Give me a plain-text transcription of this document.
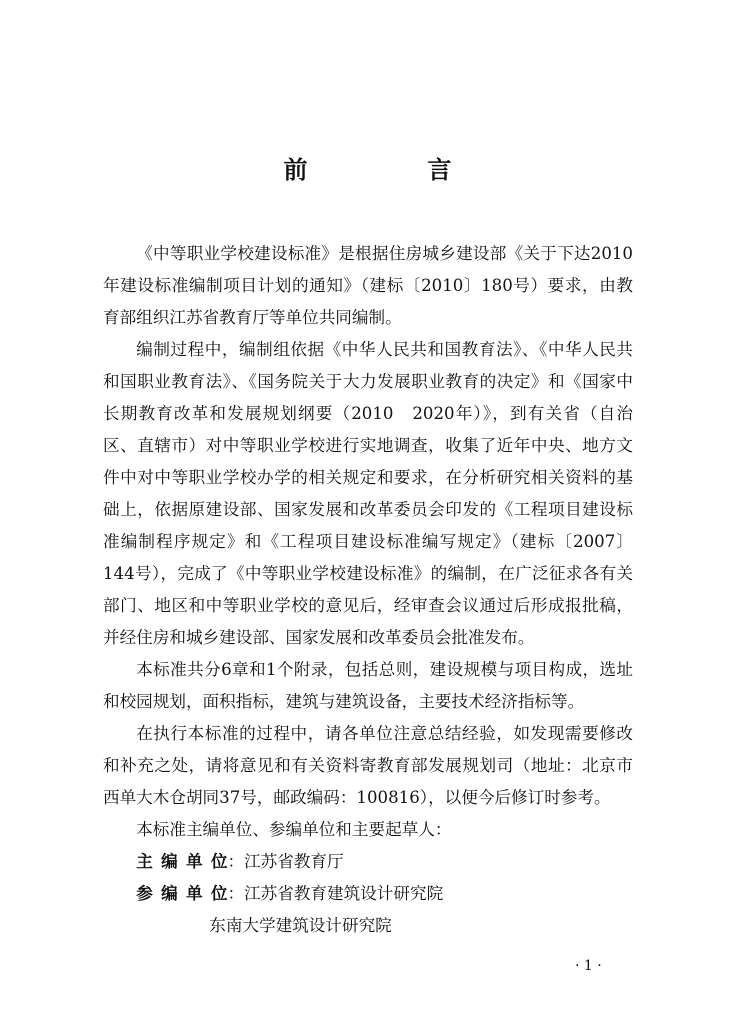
前　言

《中等职业学校建设标准》是根据住房城乡建设部《关于下达2010年建设标准编制项目计划的通知》（建标〔2010〕180号）要求，由教育部组织江苏省教育厅等单位共同编制。

编制过程中，编制组依据《中华人民共和国教育法》、《中华人民共和国职业教育法》、《国务院关于大力发展职业教育的决定》和《国家中长期教育改革和发展规划纲要（2010　2020年）》，到有关省（自治区、直辖市）对中等职业学校进行实地调查，收集了近年中央、地方文件中对中等职业学校办学的相关规定和要求，在分析研究相关资料的基础上，依据原建设部、国家发展和改革委员会印发的《工程项目建设标准编制程序规定》和《工程项目建设标准编写规定》（建标〔2007〕144号），完成了《中等职业学校建设标准》的编制，在广泛征求各有关部门、地区和中等职业学校的意见后，经审查会议通过后形成报批稿，并经住房和城乡建设部、国家发展和改革委员会批准发布。

本标准共分6章和1个附录，包括总则，建设规模与项目构成，选址和校园规划，面积指标，建筑与建筑设备，主要技术经济指标等。

在执行本标准的过程中，请各单位注意总结经验，如发现需要修改和补充之处，请将意见和有关资料寄教育部发展规划司（地址：北京市西单大木仓胡同37号，邮政编码：100816），以便今后修订时参考。

本标准主编单位、参编单位和主要起草人：

主编单位：江苏省教育厅

参编单位：江苏省教育建筑设计研究院

东南大学建筑设计研究院

· 1 ·
